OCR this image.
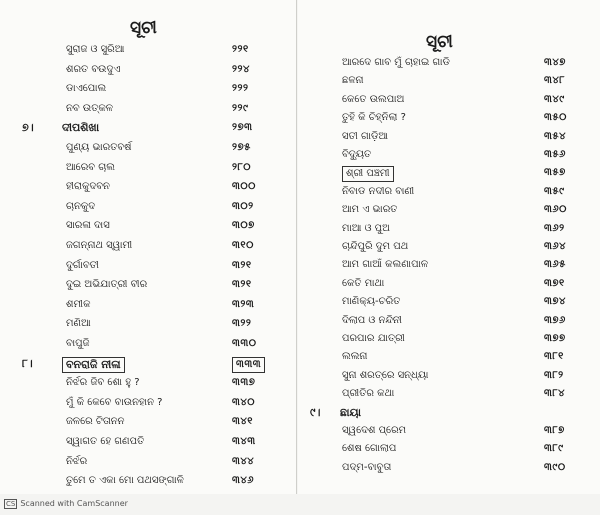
ସୂଚୀ
ସୁରାଜ ଓ ସୁରିଆ	୨୨୧
ଶରତ ବଉଦୁଏ	୨୨୪
ଡାଏପୋଲ	୨୨୨
ନବ ଉତ୍କଳ	୨୨୯
୭।	ଦୀପଶିଖା	୨୭୩
ପୁଣ୍ୟ ଭାରତବର୍ଷ	୨୭୫
ଆରେବ ଚାଲ	୨୮୦
ହୀରାକୁଦବନ	୩୦୦
ଚାନକୁଦ	୩୦୨
ସାରଳା ଦାସ	୩୦୭
ଜଗନ୍ନାଥ ସ୍ୱାମୀ	୩୧୦
ଦୁର୍ଗାବତୀ	୩୨୧
ଦୁଇ ଅଭିଯାତ୍ରୀ ବୀର	୩୨୧
ଶମୀକ	୩୨୩
ମଣିଆ	୩୨୨
ବାପୁଜି	୩୩୦
୮।	ବନରାଜି ନୀଳା	୩୩୩
ନିର୍ଝର ଜିବ ଶୋ ହୁ ?	୩୩୭
ମୁଁ କି କେବେ ବାଉନହାନ ?	୩୪୦
ଜଳରେ ଟିତାନନ	୩୪୧
ସ୍ୱାଗତ ହେ ଗଣପତି	୩୪୩
ନିର୍ଝର	୩୪୪
ତୁମେ ତ ଏକା ମୋ ପଥସଙ୍ଗାଳି	୩୪୬
ସୂଚୀ
ଆରଦେ ଗାବ ମୁଁ ଚାହାଇ ଗାଡି	୩୪୭
ଛଳନା	୩୪୮
କେତେ ଉଲପାଅ	୩୪୯
ତୁହି କି ଚିହ୍ନିଲା ?	୩୫୦
ସତୀ ଗାଡ଼ିଆ	୩୫୪
ବିଦ୍ୟୁତ	୩୫୬
ଶ୍ରୀ ପଞ୍ଚମୀ	୩୫୭
ନିବାଡ ନଦୀର ବାଣୀ	୩୫୯
ଆମ ଏ ଭାରତ	୩୬୦
ମାଆ ଓ ପୁଅ	୩୬୨
ଚାନ୍ଦିପୁରି ଦୁମ ପଥ	୩୬୪
ଆମ ଗାଆଁ କଲଣାପାଳ	୩୬୫
କେତି ମାଥା	୩୭୧
ମାଣିକ୍ୟ-ଚରିତ	୩୭୪
ଦିଲାପ ଓ ନନ୍ଦିନୀ	୩୭୬
ପରପାର ଯାତ୍ରୀ	୩୭୭
ଲଲନା	୩୮୧
ସୁନା ଶରତ୍‌ରେ ସନ୍ଧ୍ୟା	୩୮୨
ପ୍ରୀତିର କଥା	୩୮୪
୯। ଛାୟା
ସ୍ୱଦେଶ ପ୍ରେମ	୩୮୭
ଶେଷ ଗୋଲାପ	୩୮୯
ପଦ୍ମ-ବାବୁତା	୩୯୦
CS Scanned with CamScanner
